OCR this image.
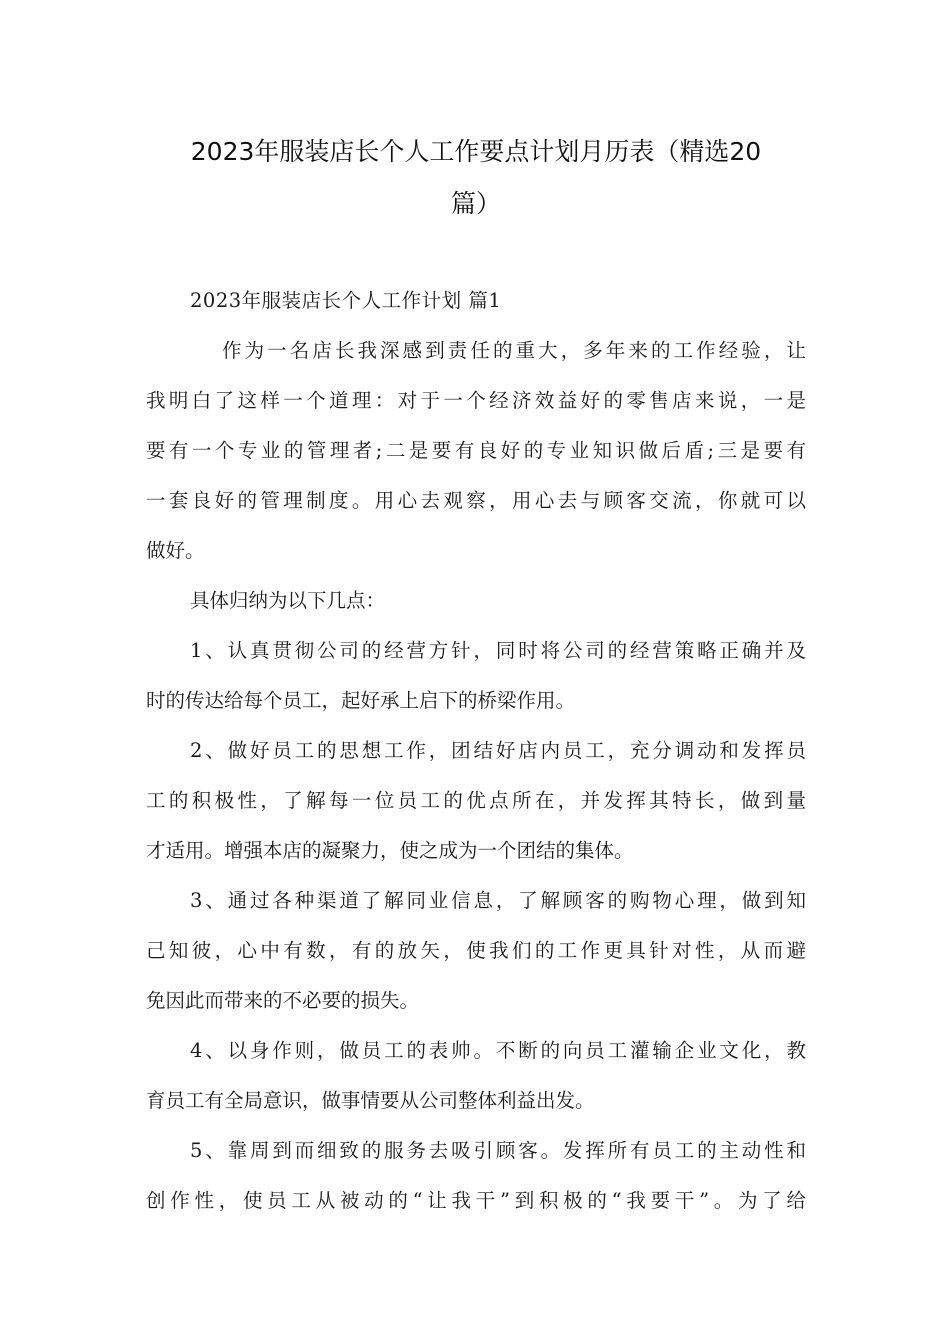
2023年服装店长个人工作要点计划月历表（精选20
篇）

2023年服装店长个人工作计划 篇1

作为一名店长我深感到责任的重大，多年来的工作经验，让
我明白了这样一个道理：对于一个经济效益好的零售店来说，一是
要有一个专业的管理者;二是要有良好的专业知识做后盾;三是要有
一套良好的管理制度。用心去观察，用心去与顾客交流，你就可以
做好。

具体归纳为以下几点：

1、认真贯彻公司的经营方针，同时将公司的经营策略正确并及
时的传达给每个员工，起好承上启下的桥梁作用。

2、做好员工的思想工作，团结好店内员工，充分调动和发挥员
工的积极性，了解每一位员工的优点所在，并发挥其特长，做到量
才适用。增强本店的凝聚力，使之成为一个团结的集体。

3、通过各种渠道了解同业信息，了解顾客的购物心理，做到知
己知彼，心中有数，有的放矢，使我们的工作更具针对性，从而避
免因此而带来的不必要的损失。

4、以身作则，做员工的表帅。不断的向员工灌输企业文化，教
育员工有全局意识，做事情要从公司整体利益出发。

5、靠周到而细致的服务去吸引顾客。发挥所有员工的主动性和
创作性，使员工从被动的“让我干”到积极的“我要干”。为了给
